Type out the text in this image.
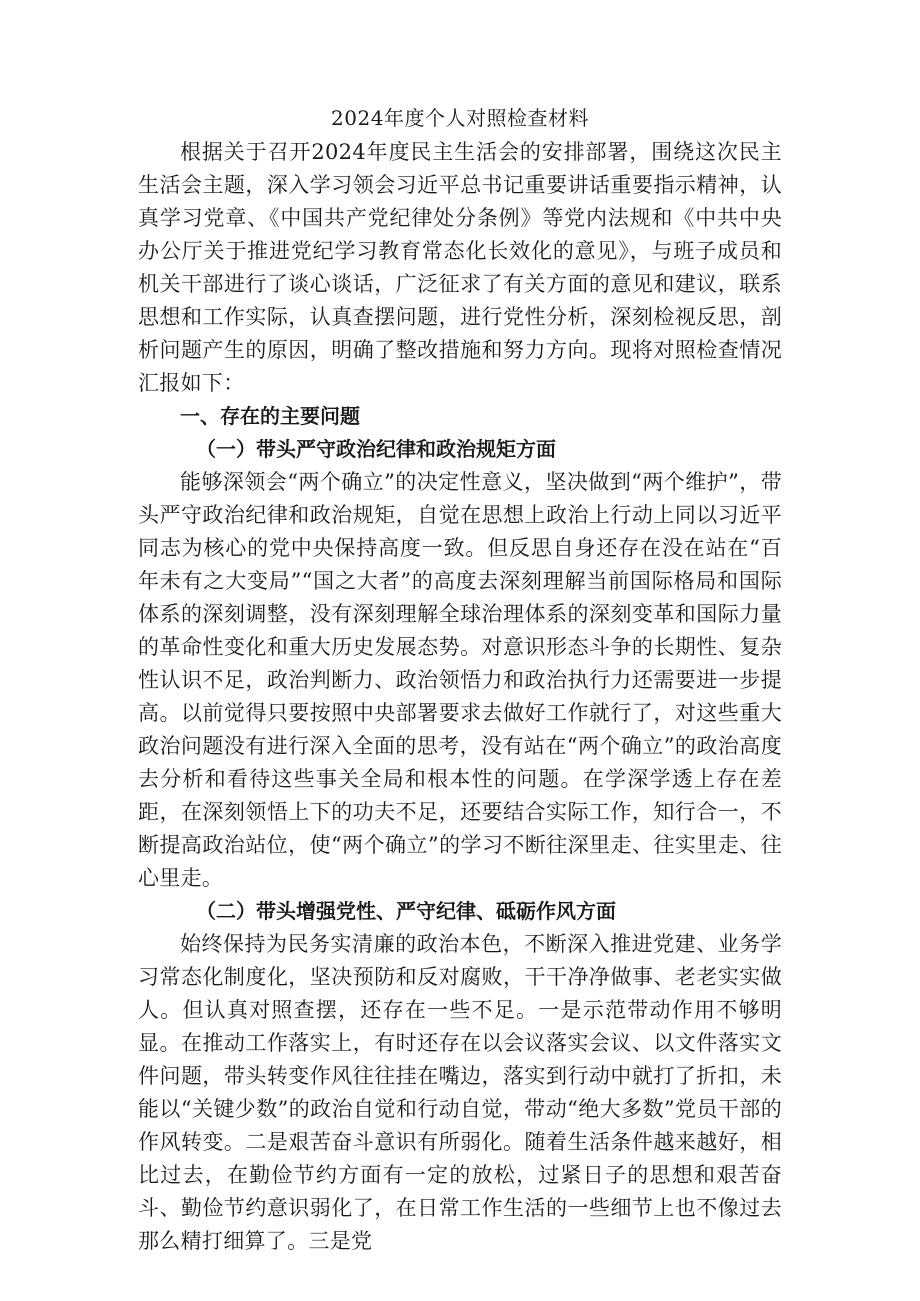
2024年度个人对照检查材料

根据关于召开2024年度民主生活会的安排部署，围绕这次民主生活会主题，深入学习领会习近平总书记重要讲话重要指示精神，认真学习党章、《中国共产党纪律处分条例》等党内法规和《中共中央办公厅关于推进党纪学习教育常态化长效化的意见》，与班子成员和机关干部进行了谈心谈话，广泛征求了有关方面的意见和建议，联系思想和工作实际，认真查摆问题，进行党性分析，深刻检视反思，剖析问题产生的原因，明确了整改措施和努力方向。现将对照检查情况汇报如下：

一、存在的主要问题

（一）带头严守政治纪律和政治规矩方面

能够深领会“两个确立”的决定性意义，坚决做到“两个维护”，带头严守政治纪律和政治规矩，自觉在思想上政治上行动上同以习近平同志为核心的党中央保持高度一致。但反思自身还存在没在站在“百年未有之大变局”“国之大者”的高度去深刻理解当前国际格局和国际体系的深刻调整，没有深刻理解全球治理体系的深刻变革和国际力量的革命性变化和重大历史发展态势。对意识形态斗争的长期性、复杂性认识不足，政治判断力、政治领悟力和政治执行力还需要进一步提高。以前觉得只要按照中央部署要求去做好工作就行了，对这些重大政治问题没有进行深入全面的思考，没有站在“两个确立”的政治高度去分析和看待这些事关全局和根本性的问题。在学深学透上存在差距，在深刻领悟上下的功夫不足，还要结合实际工作，知行合一，不断提高政治站位，使“两个确立”的学习不断往深里走、往实里走、往心里走。

（二）带头增强党性、严守纪律、砥砺作风方面

始终保持为民务实清廉的政治本色，不断深入推进党建、业务学习常态化制度化，坚决预防和反对腐败，干干净净做事、老老实实做人。但认真对照查摆，还存在一些不足。一是示范带动作用不够明显。在推动工作落实上，有时还存在以会议落实会议、以文件落实文件问题，带头转变作风往往挂在嘴边，落实到行动中就打了折扣，未能以“关键少数”的政治自觉和行动自觉，带动“绝大多数”党员干部的作风转变。二是艰苦奋斗意识有所弱化。随着生活条件越来越好，相比过去，在勤俭节约方面有一定的放松，过紧日子的思想和艰苦奋斗、勤俭节约意识弱化了，在日常工作生活的一些细节上也不像过去那么精打细算了。三是党
